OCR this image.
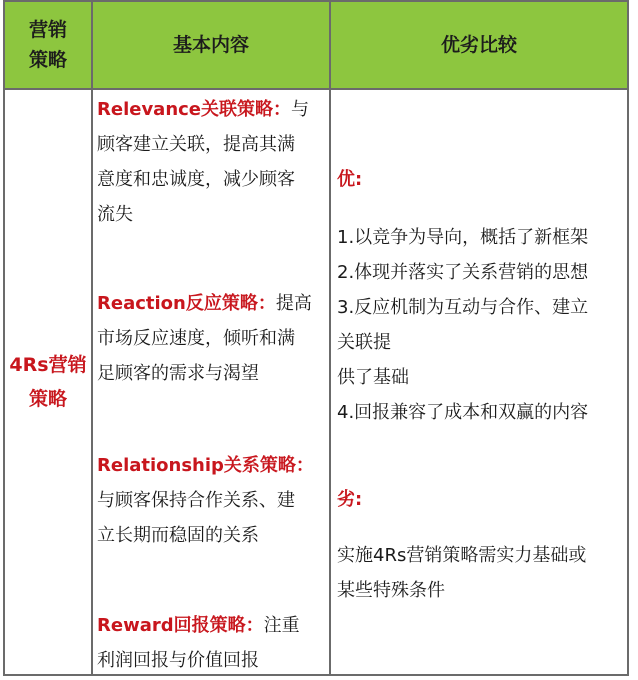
营销
策略
基本内容	优劣比较
4Rs营销
策略
Relevance关联策略：与
顾客建立关联，提高其满
意度和忠诚度，减少顾客
流失
Reaction反应策略：提高
市场反应速度，倾听和满
足顾客的需求与渴望
Relationship关系策略：
与顾客保持合作关系、建
立长期而稳固的关系
Reward回报策略：注重
利润回报与价值回报
优:
1.以竞争为导向，概括了新框架
2.体现并落实了关系营销的思想
3.反应机制为互动与合作、建立
关联提
供了基础
4.回报兼容了成本和双赢的内容
劣:
实施4Rs营销策略需实力基础或
某些特殊条件
